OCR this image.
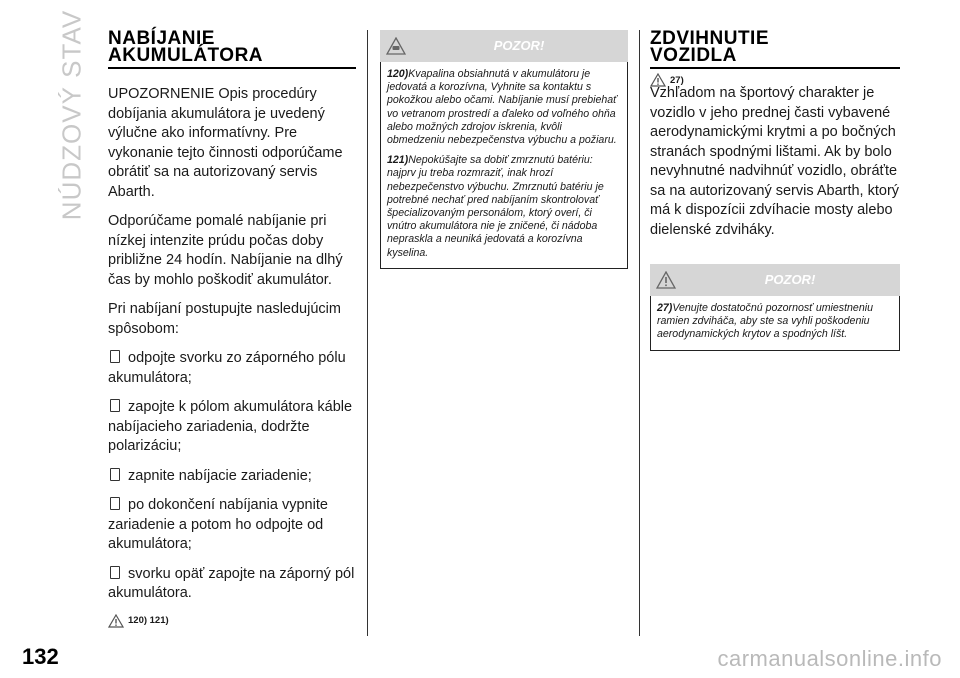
NÚDZOVÝ STAV NABÍJANIE
AKUMULÁTORA

UPOZORNENIE Opis procedúry dobíjania akumulátora je uvedený výlučne ako informatívny. Pre vykonanie tejto činnosti odporúčame obrátiť sa na autorizovaný servis Abarth.

Odporúčame pomalé nabíjanie pri nízkej intenzite prúdu počas doby približne 24 hodín. Nabíjanie na dlhý čas by mohlo poškodiť akumulátor.

Pri nabíjaní postupujte nasledujúcim spôsobom:

odpojte svorku zo záporného pólu akumulátora;

zapojte k pólom akumulátora káble nabíjacieho zariadenia, dodržte polarizáciu;

zapnite nabíjacie zariadenie;

po dokončení nabíjania vypnite zariadenie a potom ho odpojte od akumulátora;

svorku opäť zapojte na záporný pól akumulátora.

120) 121)

POZOR!

120)Kvapalina obsiahnutá v akumulátoru je jedovatá a korozívna, Vyhnite sa kontaktu s pokožkou alebo očami. Nabíjanie musí prebiehať vo vetranom prostredí a ďaleko od voľného ohňa alebo možných zdrojov iskrenia, kvôli obmedzeniu nebezpečenstva výbuchu a požiaru.

121)Nepokúšajte sa dobiť zmrznutú batériu: najprv ju treba rozmraziť, inak hrozí nebezpečenstvo výbuchu. Zmrznutú batériu je potrebné nechať pred nabíjaním skontrolovať špecializovaným personálom, ktorý overí, či vnútro akumulátora nie je zničené, či nádoba nepraskla a neuniká jedovatá a korozívna kyselina.

ZDVIHNUTIE
VOZIDLA

27)

Vzhľadom na športový charakter je vozidlo v jeho prednej časti vybavené aerodynamickými krytmi a po bočných stranách spodnými lištami. Ak by bolo nevyhnutné nadvihnúť vozidlo, obráťte sa na autorizovaný servis Abarth, ktorý má k dispozícii zdvíhacie mosty alebo dielenské zdviháky.

POZOR!

27)Venujte dostatočnú pozornosť umiestneniu ramien zdviháča, aby ste sa vyhli poškodeniu aerodynamických krytov a spodných líšt.

132	carmanualsonline.info
